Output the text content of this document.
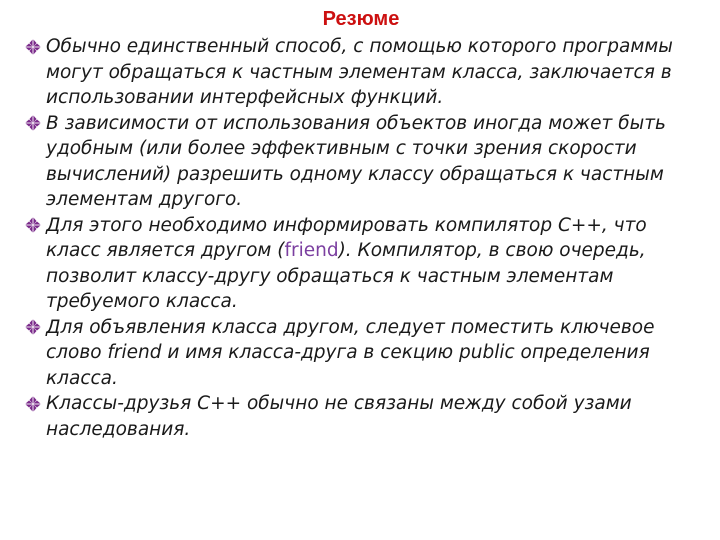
Резюме
Обычно единственный способ, с помощью которого программы могут обращаться к частным элементам класса, заключается в использовании интерфейсных функций.
В зависимости от использования объектов иногда может быть удобным (или более эффективным с точки зрения скорости вычислений) разрешить одному классу обращаться к частным элементам другого.
Для этого необходимо информировать компилятор С++, что класс является другом (friend). Компилятор, в свою очередь, позволит классу-другу обращаться к частным элементам требуемого класса.
Для объявления класса другом, следует поместить ключевое слово friend и имя класса-друга в секцию public определения класса.
Классы-друзья С++ обычно не связаны между собой узами наследования.
